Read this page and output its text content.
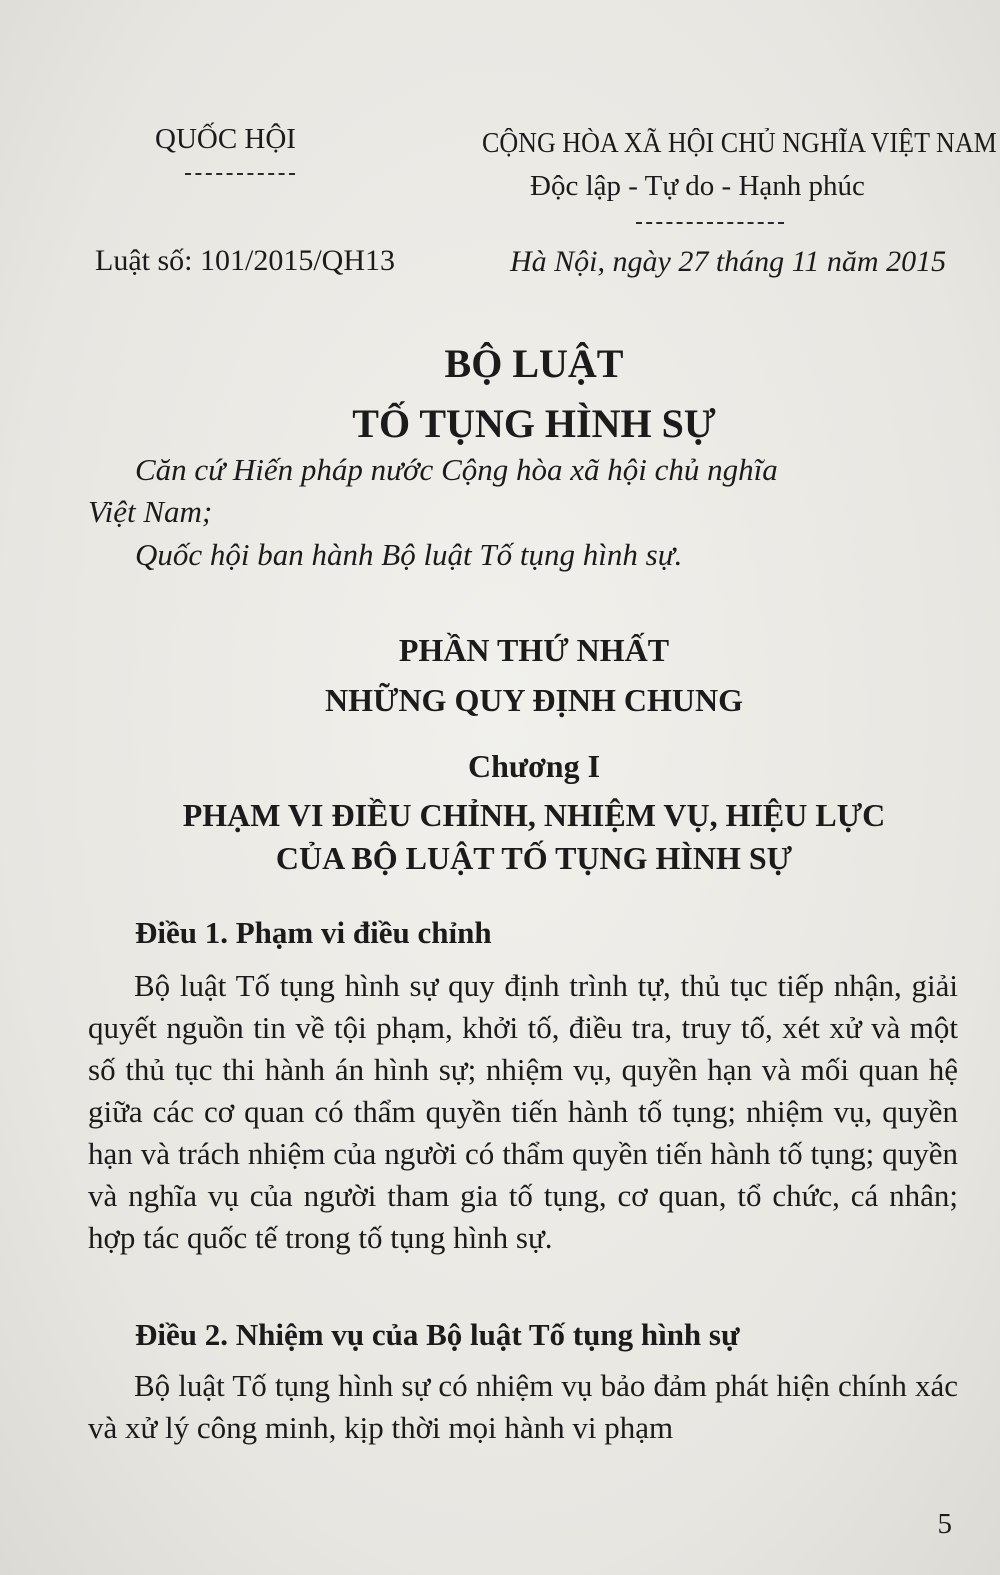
QUỐC HỘI	CỘNG HÒA XÃ HỘI CHỦ NGHĨA VIỆT NAM
Độc lập - Tự do - Hạnh phúc
Luật số: 101/2015/QH13	Hà Nội, ngày 27 tháng 11 năm 2015
BỘ LUẬT
TỐ TỤNG HÌNH SỰ
Căn cứ Hiến pháp nước Cộng hòa xã hội chủ nghĩa
Việt Nam;
Quốc hội ban hành Bộ luật Tố tụng hình sự.
PHẦN THỨ NHẤT
NHỮNG QUY ĐỊNH CHUNG
Chương I
PHẠM VI ĐIỀU CHỈNH, NHIỆM VỤ, HIỆU LỰC
CỦA BỘ LUẬT TỐ TỤNG HÌNH SỰ
Điều 1. Phạm vi điều chỉnh
Bộ luật Tố tụng hình sự quy định trình tự, thủ tục tiếp nhận, giải quyết nguồn tin về tội phạm, khởi tố, điều tra, truy tố, xét xử và một số thủ tục thi hành án hình sự; nhiệm vụ, quyền hạn và mối quan hệ giữa các cơ quan có thẩm quyền tiến hành tố tụng; nhiệm vụ, quyền hạn và trách nhiệm của người có thẩm quyền tiến hành tố tụng; quyền và nghĩa vụ của người tham gia tố tụng, cơ quan, tổ chức, cá nhân; hợp tác quốc tế trong tố tụng hình sự.
Điều 2. Nhiệm vụ của Bộ luật Tố tụng hình sự
Bộ luật Tố tụng hình sự có nhiệm vụ bảo đảm phát hiện chính xác và xử lý công minh, kịp thời mọi hành vi phạm
5
